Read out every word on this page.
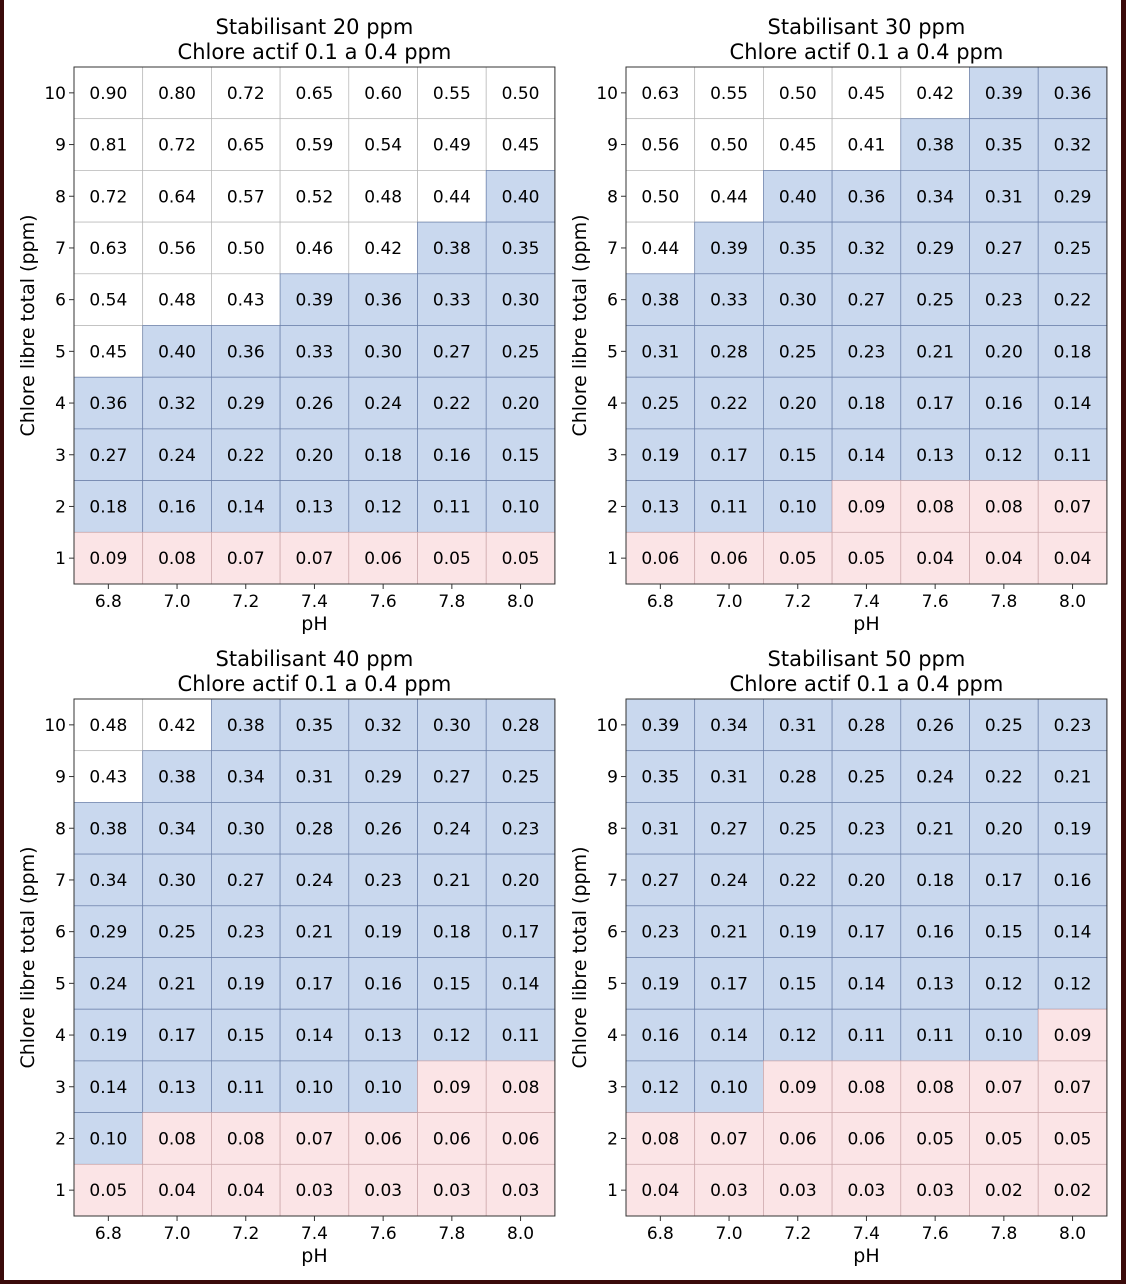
0.90 0.80 0.72 0.65 0.60 0.55 0.50
0.81 0.72 0.65 0.59 0.54 0.49 0.45
0.72 0.64 0.57 0.52 0.48 0.44 0.40
0.63 0.56 0.50 0.46 0.42 0.38 0.35
0.54 0.48 0.43 0.39 0.36 0.33 0.30
0.45 0.40 0.36 0.33 0.30 0.27 0.25
0.36 0.32 0.29 0.26 0.24 0.22 0.20
0.27 0.24 0.22 0.20 0.18 0.16 0.15
0.18 0.16 0.14 0.13 0.12 0.11 0.10
0.09 0.08 0.07 0.07 0.06 0.05 0.05
10
9
8
7
6
5
4
3
2
1
6.8 7.0 7.2 7.4 7.6 7.8 8.0
pH
Chlore libre total (ppm)
Stabilisant 20 ppm
Chlore actif 0.1 a 0.4 ppm
0.63 0.55 0.50 0.45 0.42 0.39 0.36
0.56 0.50 0.45 0.41 0.38 0.35 0.32
0.50 0.44 0.40 0.36 0.34 0.31 0.29
0.44 0.39 0.35 0.32 0.29 0.27 0.25
0.38 0.33 0.30 0.27 0.25 0.23 0.22
0.31 0.28 0.25 0.23 0.21 0.20 0.18
0.25 0.22 0.20 0.18 0.17 0.16 0.14
0.19 0.17 0.15 0.14 0.13 0.12 0.11
0.13 0.11 0.10 0.09 0.08 0.08 0.07
0.06 0.06 0.05 0.05 0.04 0.04 0.04
10
9
8
7
6
5
4
3
2
1
6.8 7.0 7.2 7.4 7.6 7.8 8.0
pH
Chlore libre total (ppm)
Stabilisant 30 ppm
Chlore actif 0.1 a 0.4 ppm
0.48 0.42 0.38 0.35 0.32 0.30 0.28
0.43 0.38 0.34 0.31 0.29 0.27 0.25
0.38 0.34 0.30 0.28 0.26 0.24 0.23
0.34 0.30 0.27 0.24 0.23 0.21 0.20
0.29 0.25 0.23 0.21 0.19 0.18 0.17
0.24 0.21 0.19 0.17 0.16 0.15 0.14
0.19 0.17 0.15 0.14 0.13 0.12 0.11
0.14 0.13 0.11 0.10 0.10 0.09 0.08
0.10 0.08 0.08 0.07 0.06 0.06 0.06
0.05 0.04 0.04 0.03 0.03 0.03 0.03
10
9
8
7
6
5
4
3
2
1
6.8 7.0 7.2 7.4 7.6 7.8 8.0
pH
Chlore libre total (ppm)
Stabilisant 40 ppm
Chlore actif 0.1 a 0.4 ppm
0.39 0.34 0.31 0.28 0.26 0.25 0.23
0.35 0.31 0.28 0.25 0.24 0.22 0.21
0.31 0.27 0.25 0.23 0.21 0.20 0.19
0.27 0.24 0.22 0.20 0.18 0.17 0.16
0.23 0.21 0.19 0.17 0.16 0.15 0.14
0.19 0.17 0.15 0.14 0.13 0.12 0.12
0.16 0.14 0.12 0.11 0.11 0.10 0.09
0.12 0.10 0.09 0.08 0.08 0.07 0.07
0.08 0.07 0.06 0.06 0.05 0.05 0.05
0.04 0.03 0.03 0.03 0.03 0.02 0.02
10
9
8
7
6
5
4
3
2
1
6.8 7.0 7.2 7.4 7.6 7.8 8.0
pH
Chlore libre total (ppm)
Stabilisant 50 ppm
Chlore actif 0.1 a 0.4 ppm
